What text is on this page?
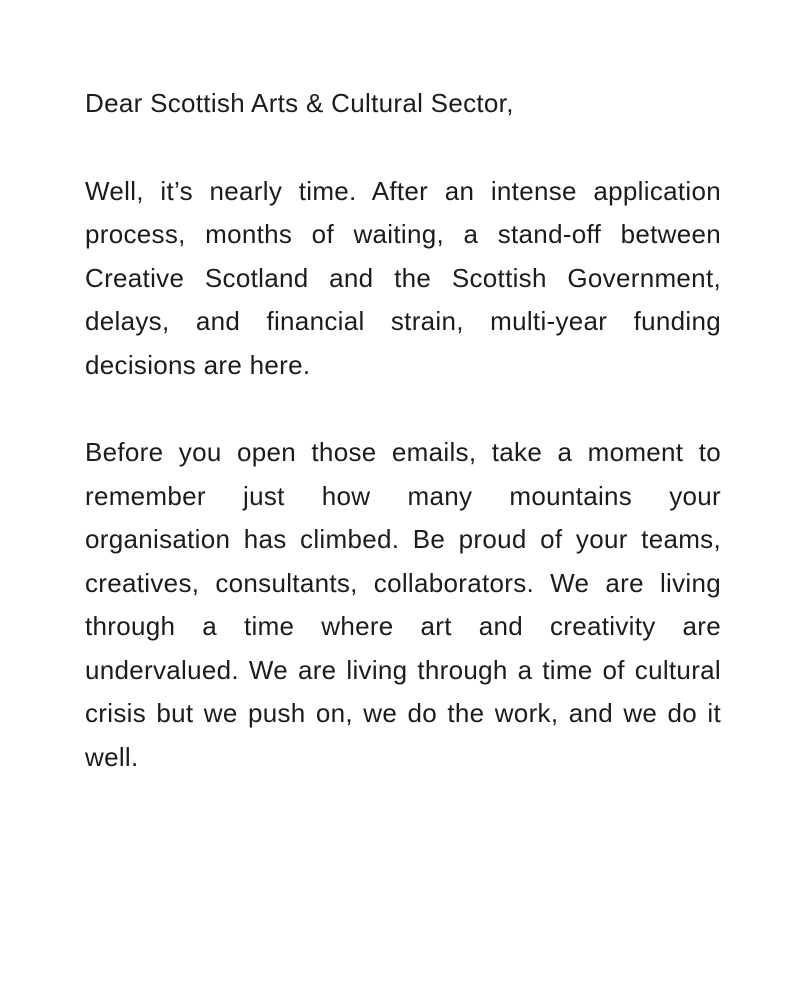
Dear Scottish Arts & Cultural Sector,

Well, it’s nearly time. After an intense application process, months of waiting, a stand-off between Creative Scotland and the Scottish Government, delays, and financial strain, multi-year funding decisions are here.

Before you open those emails, take a moment to remember just how many mountains your organisation has climbed. Be proud of your teams, creatives, consultants, collaborators. We are living through a time where art and creativity are undervalued. We are living through a time of cultural crisis but we push on, we do the work, and we do it well.
